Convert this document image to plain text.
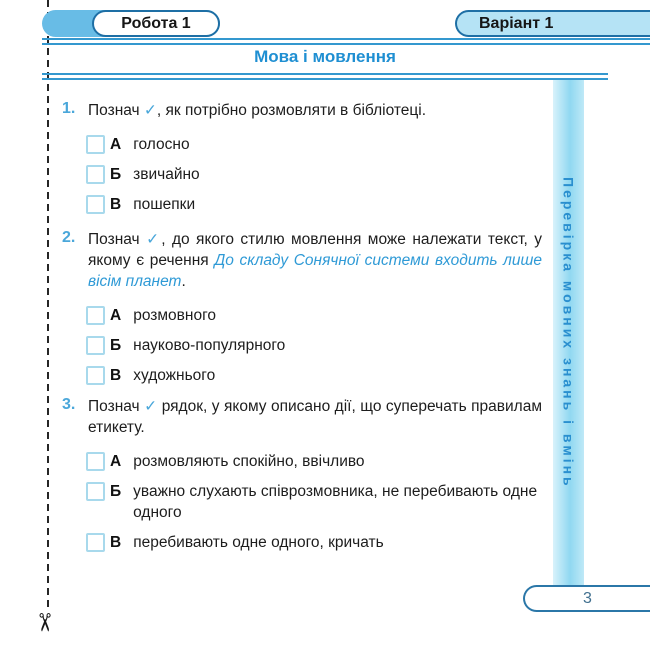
✂
Робота 1	Варіант 1
Мова і мовлення
Перевірка мовних знань і вмінь
1. Познач ✓, як потрібно розмовляти в бібліотеці.
А голосно
Б звичайно
В пошепки
2. Познач ✓, до якого стилю мовлення може належати текст, у якому є речення До складу Сонячної системи входить лише вісім планет.
А розмовного
Б науково-популярного
В художнього
3. Познач ✓ рядок, у якому описано дії, що суперечать правилам етикету.
А розмовляють спокійно, ввічливо
Б уважно слухають співрозмовника, не перебивають одне одного
В перебивають одне одного, кричать
3
